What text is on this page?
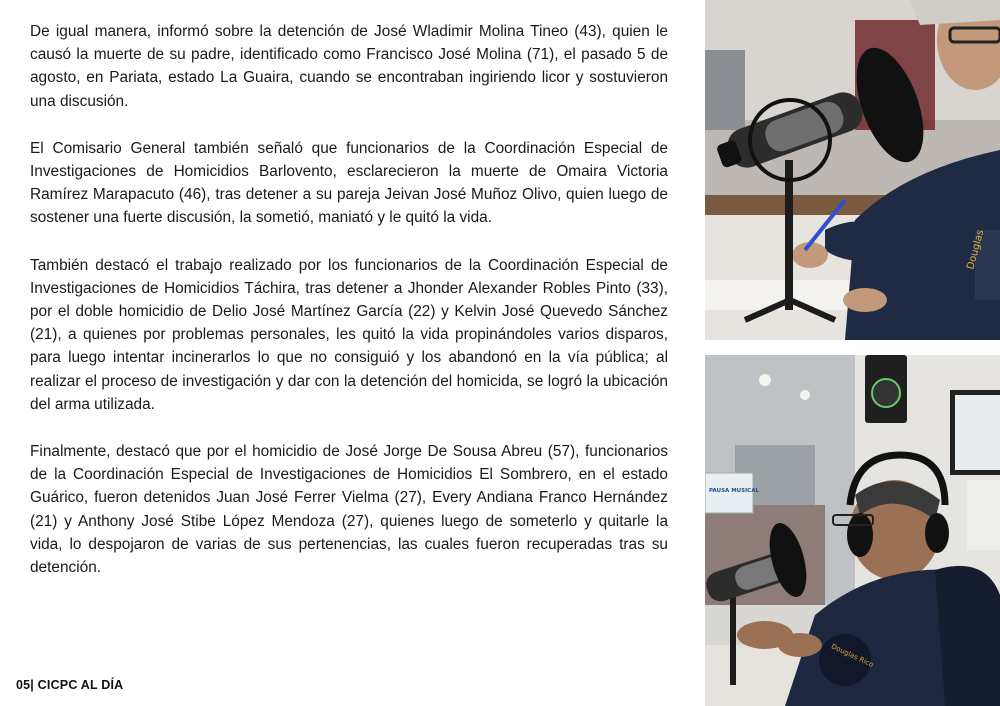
De igual manera, informó sobre la detención de José Wladimir Molina Tineo (43), quien le causó la muerte de su padre, identificado como Francisco José Molina (71), el pasado 5 de agosto, en Pariata, estado La Guaira, cuando se encontraban ingiriendo licor y sostuvieron una discusión.

El Comisario General también señaló que funcionarios de la Coordinación Especial de Investigaciones de Homicidios Barlovento, esclarecieron la muerte de Omaira Victoria Ramírez Marapacuto (46), tras detener a su pareja Jeivan José Muñoz Olivo, quien luego de sostener una fuerte discusión, la sometió, maniató y le quitó la vida.

También destacó el trabajo realizado por los funcionarios de la Coordinación Especial de Investigaciones de Homicidios Táchira, tras detener a Jhonder Alexander Robles Pinto (33), por el doble homicidio de Delio José Martínez García (22) y Kelvin José Quevedo Sánchez (21), a quienes por problemas personales, les quitó la vida propinándoles varios disparos, para luego intentar incinerarlos lo que no consiguió y los abandonó en la vía pública; al realizar el proceso de investigación y dar con la detención del homicida, se logró la ubicación del arma utilizada.

Finalmente, destacó que por el homicidio de José Jorge De Sousa Abreu (57), funcionarios de la Coordinación Especial de Investigaciones de Homicidios El Sombrero, en el estado Guárico, fueron detenidos Juan José Ferrer Vielma (27), Every Andiana Franco Hernández (21) y Anthony José Stibe López Mendoza (27), quienes luego de someterlo y quitarle la vida, lo despojaron de varias de sus pertenencias, las cuales fueron recuperadas tras su detención.

05| CICPC AL DÍA
Douglas
PAUSA MUSICAL
Douglas Rico
